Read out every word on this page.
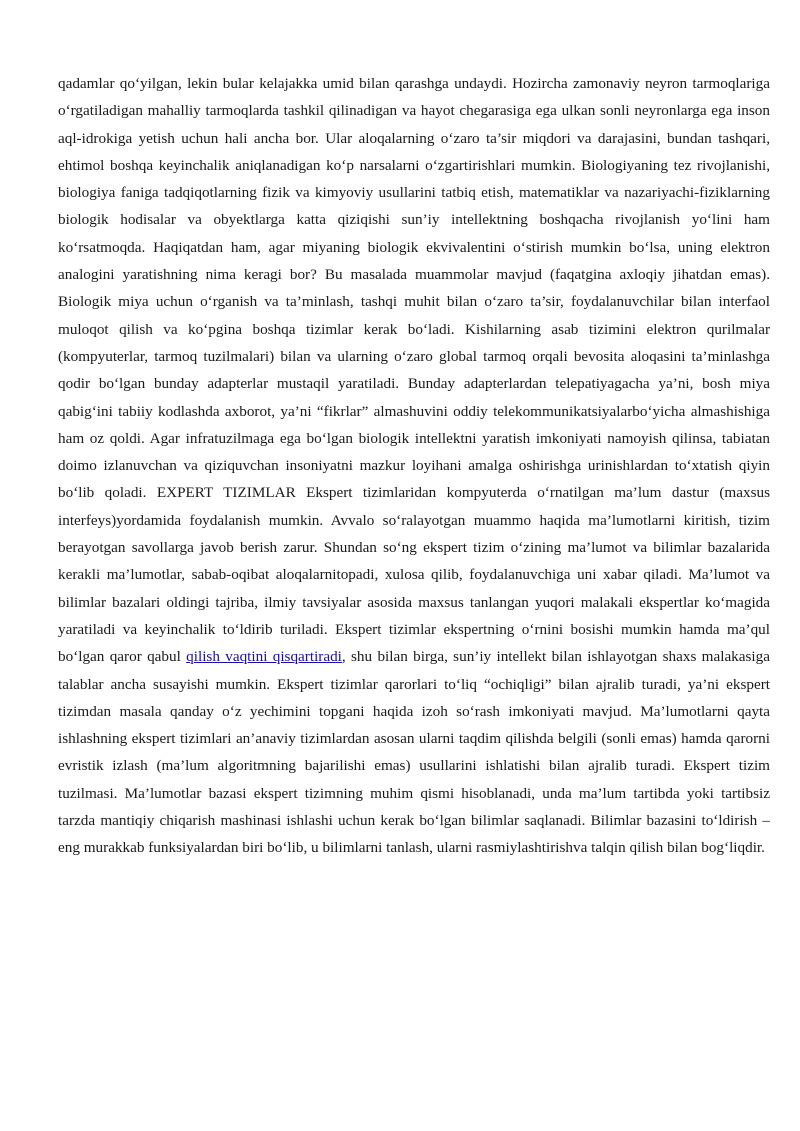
qadamlar qo‘yilgan, lekin bular kelajakka umid bilan qarashga undaydi. Hozircha zamonaviy neyron tarmoqlariga o‘rgatiladigan mahalliy tarmoqlarda tashkil qilinadigan va hayot chegarasiga ega ulkan sonli neyronlarga ega inson aql-idrokiga yetish uchun hali ancha bor. Ular aloqalarning o‘zaro ta’sir miqdori va darajasini, bundan tashqari, ehtimol boshqa keyinchalik aniqlanadigan ko‘p narsalarni o‘zgartirishlari mumkin. Biologiyaning tez rivojlanishi, biologiya faniga tadqiqotlarning fizik va kimyoviy usullarini tatbiq etish, matematiklar va nazariyachi-fiziklarning biologik hodisalar va obyektlarga katta qiziqishi sun’iy intellektning boshqacha rivojlanish yo‘lini ham ko‘rsatmoqda. Haqiqatdan ham, agar miyaning biologik ekvivalentini o‘stirish mumkin bo‘lsa, uning elektron analogini yaratishning nima keragi bor? Bu masalada muammolar mavjud (faqatgina axloqiy jihatdan emas). Biologik miya uchun o‘rganish va ta’minlash, tashqi muhit bilan o‘zaro ta’sir, foydalanuvchilar bilan interfaol muloqot qilish va ko‘pgina boshqa tizimlar kerak bo‘ladi. Kishilarning asab tizimini elektron qurilmalar (kompyuterlar, tarmoq tuzilmalari) bilan va ularning o‘zaro global tarmoq orqali bevosita aloqasini ta’minlashga qodir bo‘lgan bunday adapterlar mustaqil yaratiladi. Bunday adapterlardan telepatiyagacha ya’ni, bosh miya qabig‘ini tabiiy kodlashda axborot, ya’ni “fikrlar” almashuvini oddiy telekommunikatsiyalarbo‘yicha almashishiga ham oz qoldi. Agar infratuzilmaga ega bo‘lgan biologik intellektni yaratish imkoniyati namoyish qilinsa, tabiatan doimo izlanuvchan va qiziquvchan insoniyatni mazkur loyihani amalga oshirishga urinishlardan to‘xtatish qiyin bo‘lib qoladi. EXPERT TIZIMLAR Ekspert tizimlaridan kompyuterda o‘rnatilgan ma’lum dastur (maxsus interfeys)yordamida foydalanish mumkin. Avvalo so‘ralayotgan muammo haqida ma’lumotlarni kiritish, tizim berayotgan savollarga javob berish zarur. Shundan so‘ng ekspert tizim o‘zining ma’lumot va bilimlar bazalarida kerakli ma’lumotlar, sabab-oqibat aloqalarnitopadi, xulosa qilib, foydalanuvchiga uni xabar qiladi. Ma’lumot va bilimlar bazalari oldingi tajriba, ilmiy tavsiyalar asosida maxsus tanlangan yuqori malakali ekspertlar ko‘magida yaratiladi va keyinchalik to‘ldirib turiladi. Ekspert tizimlar ekspertning o‘rnini bosishi mumkin hamda ma’qul bo‘lgan qaror qabul qilish vaqtini qisqartiradi, shu bilan birga, sun’iy intellekt bilan ishlayotgan shaxs malakasiga talablar ancha susayishi mumkin. Ekspert tizimlar qarorlari to‘liq “ochiqligi” bilan ajralib turadi, ya’ni ekspert tizimdan masala qanday o‘z yechimini topgani haqida izoh so‘rash imkoniyati mavjud. Ma’lumotlarni qayta ishlashning ekspert tizimlari an’anaviy tizimlardan asosan ularni taqdim qilishda belgili (sonli emas) hamda qarorni evristik izlash (ma’lum algoritmning bajarilishi emas) usullarini ishlatishi bilan ajralib turadi. Ekspert tizim tuzilmasi. Ma’lumotlar bazasi ekspert tizimning muhim qismi hisoblanadi, unda ma’lum tartibda yoki tartibsiz tarzda mantiqiy chiqarish mashinasi ishlashi uchun kerak bo‘lgan bilimlar saqlanadi. Bilimlar bazasini to‘ldirish – eng murakkab funksiyalardan biri bo‘lib, u bilimlarni tanlash, ularni rasmiylashtirishva talqin qilish bilan bog‘liqdir.
